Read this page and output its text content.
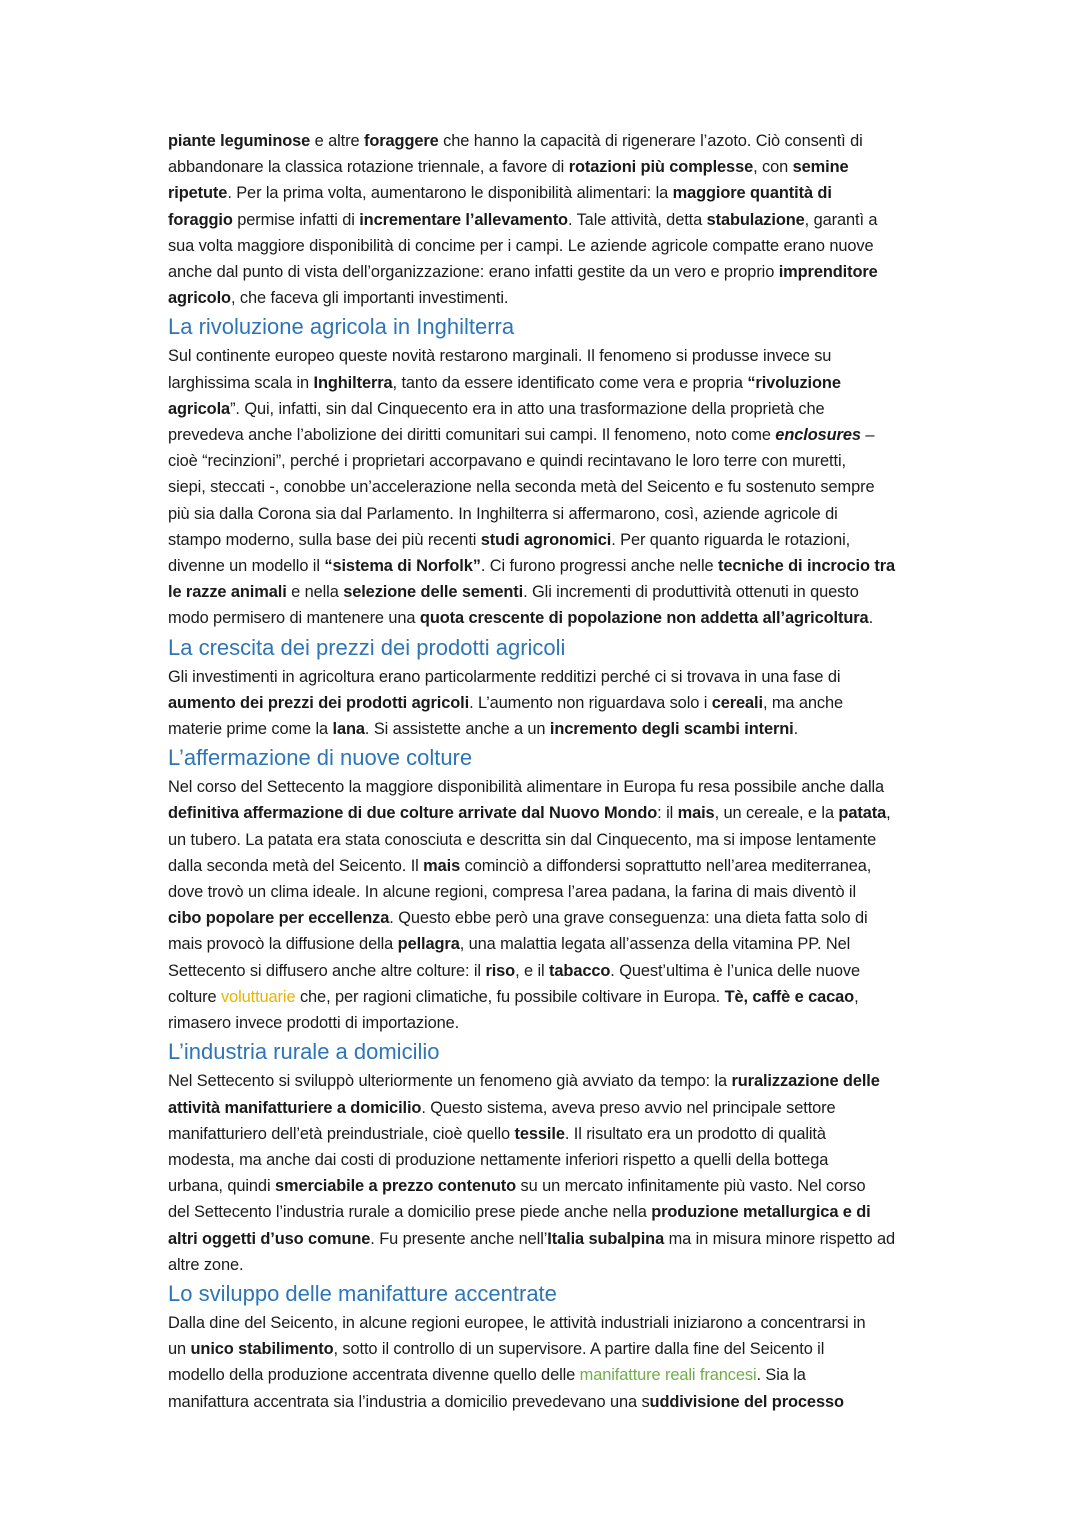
piante leguminose e altre foraggere che hanno la capacità di rigenerare l’azoto. Ciò consentì di
abbandonare la classica rotazione triennale, a favore di rotazioni più complesse, con semine
ripetute. Per la prima volta, aumentarono le disponibilità alimentari: la maggiore quantità di
foraggio permise infatti di incrementare l’allevamento. Tale attività, detta stabulazione, garantì a
sua volta maggiore disponibilità di concime per i campi. Le aziende agricole compatte erano nuove
anche dal punto di vista dell’organizzazione: erano infatti gestite da un vero e proprio imprenditore
agricolo, che faceva gli importanti investimenti.
La rivoluzione agricola in Inghilterra
Sul continente europeo queste novità restarono marginali. Il fenomeno si produsse invece su
larghissima scala in Inghilterra, tanto da essere identificato come vera e propria “rivoluzione
agricola”. Qui, infatti, sin dal Cinquecento era in atto una trasformazione della proprietà che
prevedeva anche l’abolizione dei diritti comunitari sui campi. Il fenomeno, noto come enclosures –
cioè “recinzioni”, perché i proprietari accorpavano e quindi recintavano le loro terre con muretti,
siepi, steccati -, conobbe un’accelerazione nella seconda metà del Seicento e fu sostenuto sempre
più sia dalla Corona sia dal Parlamento. In Inghilterra si affermarono, così, aziende agricole di
stampo moderno, sulla base dei più recenti studi agronomici. Per quanto riguarda le rotazioni,
divenne un modello il “sistema di Norfolk”. Ci furono progressi anche nelle tecniche di incrocio tra
le razze animali e nella selezione delle sementi. Gli incrementi di produttività ottenuti in questo
modo permisero di mantenere una quota crescente di popolazione non addetta all’agricoltura.
La crescita dei prezzi dei prodotti agricoli
Gli investimenti in agricoltura erano particolarmente redditizi perché ci si trovava in una fase di
aumento dei prezzi dei prodotti agricoli. L’aumento non riguardava solo i cereali, ma anche
materie prime come la lana. Si assistette anche a un incremento degli scambi interni.
L’affermazione di nuove colture
Nel corso del Settecento la maggiore disponibilità alimentare in Europa fu resa possibile anche dalla
definitiva affermazione di due colture arrivate dal Nuovo Mondo: il mais, un cereale, e la patata,
un tubero. La patata era stata conosciuta e descritta sin dal Cinquecento, ma si impose lentamente
dalla seconda metà del Seicento. Il mais cominciò a diffondersi soprattutto nell’area mediterranea,
dove trovò un clima ideale. In alcune regioni, compresa l’area padana, la farina di mais diventò il
cibo popolare per eccellenza. Questo ebbe però una grave conseguenza: una dieta fatta solo di
mais provocò la diffusione della pellagra, una malattia legata all’assenza della vitamina PP. Nel
Settecento si diffusero anche altre colture: il riso, e il tabacco. Quest’ultima è l’unica delle nuove
colture voluttuarie che, per ragioni climatiche, fu possibile coltivare in Europa. Tè, caffè e cacao,
rimasero invece prodotti di importazione.
L’industria rurale a domicilio
Nel Settecento si sviluppò ulteriormente un fenomeno già avviato da tempo: la ruralizzazione delle
attività manifatturiere a domicilio. Questo sistema, aveva preso avvio nel principale settore
manifatturiero dell’età preindustriale, cioè quello tessile. Il risultato era un prodotto di qualità
modesta, ma anche dai costi di produzione nettamente inferiori rispetto a quelli della bottega
urbana, quindi smerciabile a prezzo contenuto su un mercato infinitamente più vasto. Nel corso
del Settecento l’industria rurale a domicilio prese piede anche nella produzione metallurgica e di
altri oggetti d’uso comune. Fu presente anche nell’Italia subalpina ma in misura minore rispetto ad
altre zone.
Lo sviluppo delle manifatture accentrate
Dalla dine del Seicento, in alcune regioni europee, le attività industriali iniziarono a concentrarsi in
un unico stabilimento, sotto il controllo di un supervisore. A partire dalla fine del Seicento il
modello della produzione accentrata divenne quello delle manifatture reali francesi. Sia la
manifattura accentrata sia l’industria a domicilio prevedevano una suddivisione del processo
